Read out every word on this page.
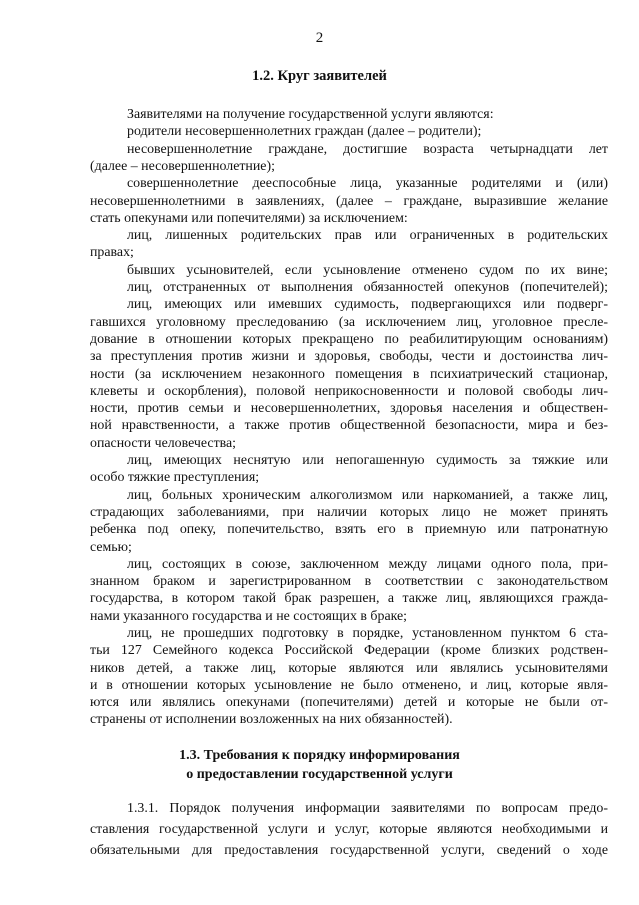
2
1.2. Круг заявителей
Заявителями на получение государственной услуги являются:
родители несовершеннолетних граждан (далее – родители);
несовершеннолетние граждане, достигшие возраста четырнадцати лет
(далее – несовершеннолетние);
совершеннолетние дееспособные лица, указанные родителями и (или)
несовершеннолетними в заявлениях, (далее – граждане, выразившие желание
стать опекунами или попечителями) за исключением:
лиц, лишенных родительских прав или ограниченных в родительских
правах;
бывших усыновителей, если усыновление отменено судом по их вине;
лиц, отстраненных от выполнения обязанностей опекунов (попечителей);
лиц, имеющих или имевших судимость, подвергающихся или подверг-
гавшихся уголовному преследованию (за исключением лиц, уголовное пресле-
дование в отношении которых прекращено по реабилитирующим основаниям)
за преступления против жизни и здоровья, свободы, чести и достоинства лич-
ности (за исключением незаконного помещения в психиатрический стационар,
клеветы и оскорбления), половой неприкосновенности и половой свободы лич-
ности, против семьи и несовершеннолетних, здоровья населения и обществен-
ной нравственности, а также против общественной безопасности, мира и без-
опасности человечества;
лиц, имеющих неснятую или непогашенную судимость за тяжкие или
особо тяжкие преступления;
лиц, больных хроническим алкоголизмом или наркоманией, а также лиц,
страдающих заболеваниями, при наличии которых лицо не может принять
ребенка под опеку, попечительство, взять его в приемную или патронатную
семью;
лиц, состоящих в союзе, заключенном между лицами одного пола, при-
знанном браком и зарегистрированном в соответствии с законодательством
государства, в котором такой брак разрешен, а также лиц, являющихся гражда-
нами указанного государства и не состоящих в браке;
лиц, не прошедших подготовку в порядке, установленном пунктом 6 ста-
тьи 127 Семейного кодекса Российской Федерации (кроме близких родствен-
ников детей, а также лиц, которые являются или являлись усыновителями
и в отношении которых усыновление не было отменено, и лиц, которые явля-
ются или являлись опекунами (попечителями) детей и которые не были от-
странены от исполнении возложенных на них обязанностей).
1.3. Требования к порядку информирования
о предоставлении государственной услуги
1.3.1. Порядок получения информации заявителями по вопросам предо-
ставления государственной услуги и услуг, которые являются необходимыми и
обязательными для предоставления государственной услуги, сведений о ходе
